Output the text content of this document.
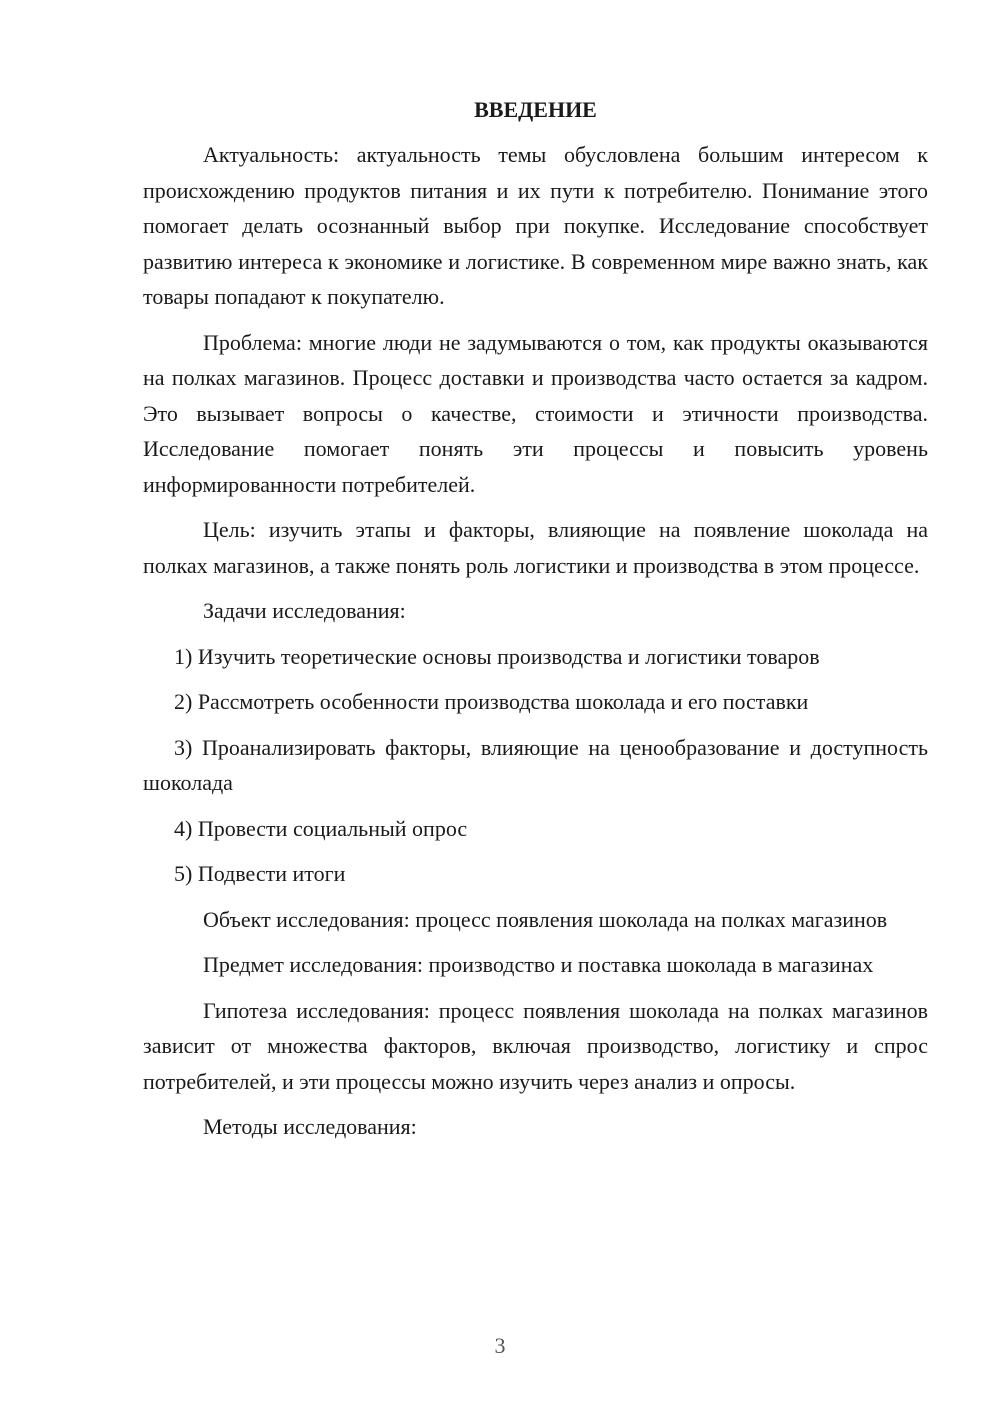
ВВЕДЕНИЕ

Актуальность: актуальность темы обусловлена большим интересом к происхождению продуктов питания и их пути к потребителю. Понимание этого помогает делать осознанный выбор при покупке. Исследование способствует развитию интереса к экономике и логистике. В современном мире важно знать, как товары попадают к покупателю.

Проблема: многие люди не задумываются о том, как продукты оказываются на полках магазинов. Процесс доставки и производства часто остается за кадром. Это вызывает вопросы о качестве, стоимости и этичности производства. Исследование помогает понять эти процессы и повысить уровень информированности потребителей.

Цель: изучить этапы и факторы, влияющие на появление шоколада на полках магазинов, а также понять роль логистики и производства в этом процессе.

Задачи исследования:

1) Изучить теоретические основы производства и логистики товаров

2) Рассмотреть особенности производства шоколада и его поставки

3) Проанализировать факторы, влияющие на ценообразование и доступность шоколада

4) Провести социальный опрос

5) Подвести итоги

Объект исследования: процесс появления шоколада на полках магазинов

Предмет исследования: производство и поставка шоколада в магазинах

Гипотеза исследования: процесс появления шоколада на полках магазинов зависит от множества факторов, включая производство, логистику и спрос потребителей, и эти процессы можно изучить через анализ и опросы.

Методы исследования:

3
